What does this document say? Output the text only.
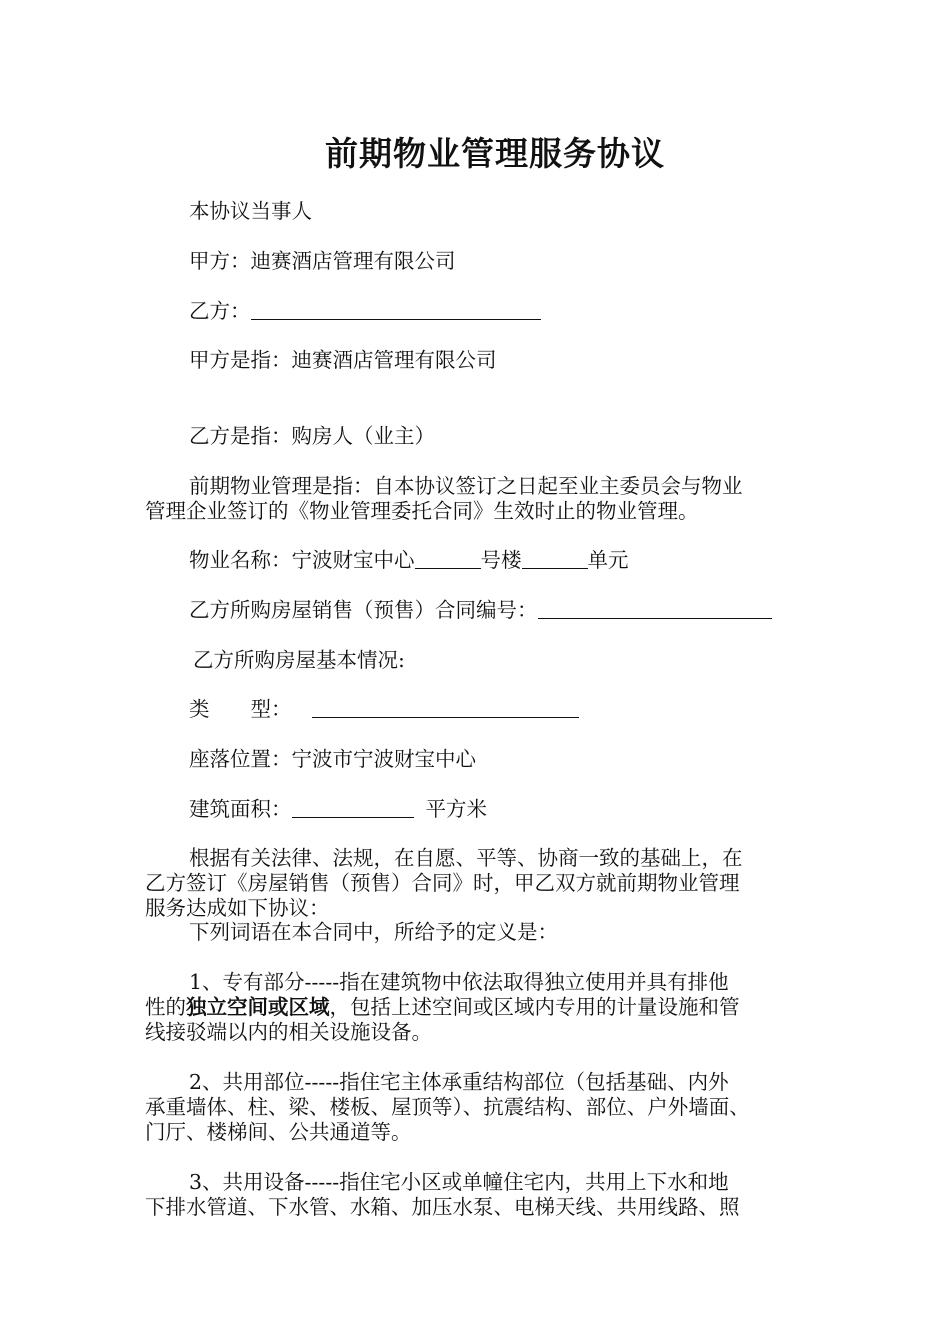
前期物业管理服务协议
本协议当事人
甲方：迪赛酒店管理有限公司
乙方：
甲方是指：迪赛酒店管理有限公司
乙方是指：购房人（业主）
前期物业管理是指：自本协议签订之日起至业主委员会与物业
管理企业签订的《物业管理委托合同》生效时止的物业管理。
物业名称：宁波财宝中心	号楼	单元
乙方所购房屋销售（预售）合同编号：
乙方所购房屋基本情况:
类　　型：
座落位置：宁波市宁波财宝中心
建筑面积：	平方米
根据有关法律、法规，在自愿、平等、协商一致的基础上，在
乙方签订《房屋销售（预售）合同》时，甲乙双方就前期物业管理
服务达成如下协议：
下列词语在本合同中，所给予的定义是：
1、专有部分-----指在建筑物中依法取得独立使用并具有排他
性的独立空间或区域，包括上述空间或区域内专用的计量设施和管
线接驳端以内的相关设施设备。
2、共用部位-----指住宅主体承重结构部位（包括基础、内外
承重墙体、柱、梁、楼板、屋顶等）、抗震结构、部位、户外墙面、
门厅、楼梯间、公共通道等。
3、共用设备-----指住宅小区或单幢住宅内，共用上下水和地
下排水管道、下水管、水箱、加压水泵、电梯天线、共用线路、照
